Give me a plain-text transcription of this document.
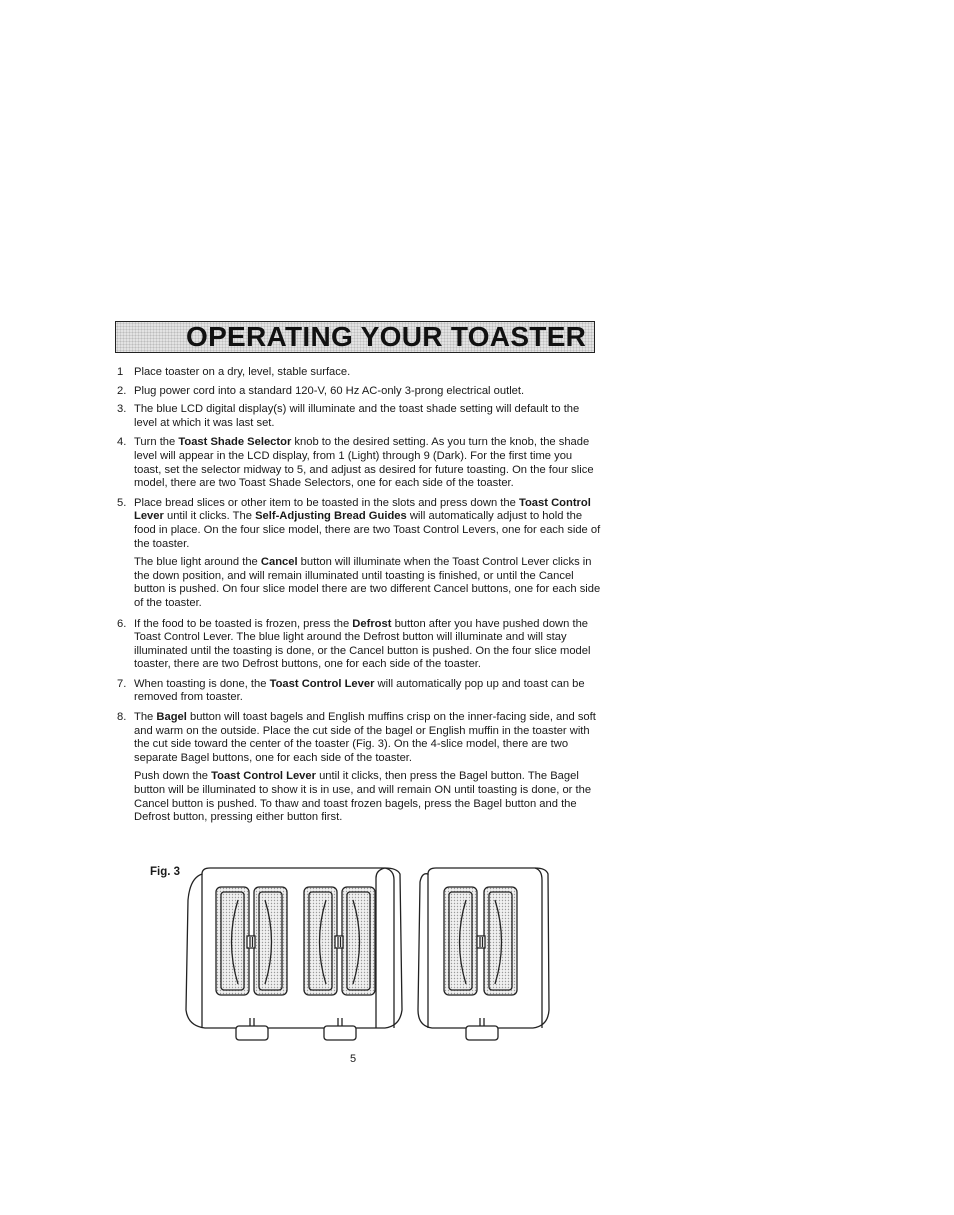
OPERATING YOUR TOASTER
1 Place toaster on a dry, level, stable surface.

2. Plug power cord into a standard 120-V, 60 Hz AC-only 3-prong electrical outlet.

3. The blue LCD digital display(s) will illuminate and the toast shade setting will default to the level at which it was last set.

4. Turn the Toast Shade Selector knob to the desired setting. As you turn the knob, the shade level will appear in the LCD display, from 1 (Light) through 9 (Dark). For the first time you toast, set the selector midway to 5, and adjust as desired for future toasting. On the four slice model, there are two Toast Shade Selectors, one for each side of the toaster.

5. Place bread slices or other item to be toasted in the slots and press down the Toast Control Lever until it clicks. The Self-Adjusting Bread Guides will automatically adjust to hold the food in place. On the four slice model, there are two Toast Control Levers, one for each side of the toaster.

The blue light around the Cancel button will illuminate when the Toast Control Lever clicks in the down position, and will remain illuminated until toasting is finished, or until the Cancel button is pushed. On four slice model there are two different Cancel buttons, one for each side of the toaster.

6. If the food to be toasted is frozen, press the Defrost button after you have pushed down the Toast Control Lever. The blue light around the Defrost button will illuminate and will stay illuminated until the toasting is done, or the Cancel button is pushed. On the four slice model toaster, there are two Defrost buttons, one for each side of the toaster.

7. When toasting is done, the Toast Control Lever will automatically pop up and toast can be removed from toaster.

8. The Bagel button will toast bagels and English muffins crisp on the inner-facing side, and soft and warm on the outside. Place the cut side of the bagel or English muffin in the toaster with the cut side toward the center of the toaster (Fig. 3). On the 4-slice model, there are two separate Bagel buttons, one for each side of the toaster.

Push down the Toast Control Lever until it clicks, then press the Bagel button. The Bagel button will be illuminated to show it is in use, and will remain ON until toasting is done, or the Cancel button is pushed. To thaw and toast frozen bagels, press the Bagel button and the Defrost button, pressing either button first.

Fig. 3
5
